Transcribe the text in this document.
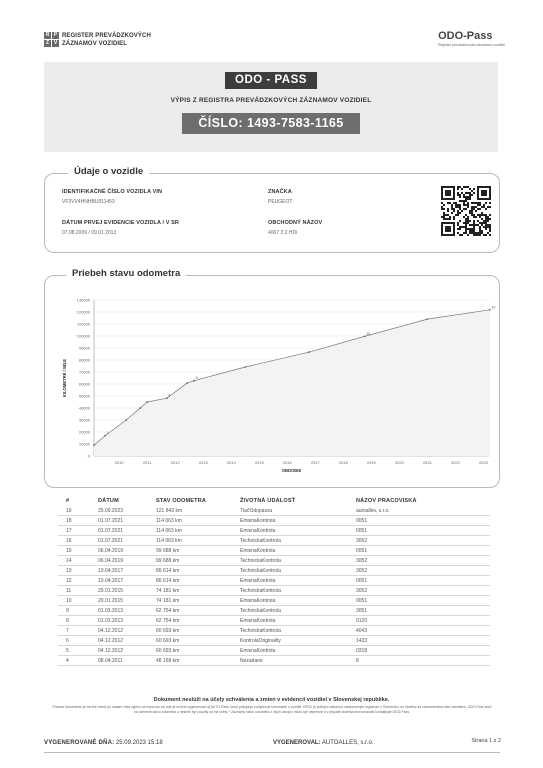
R P
Z V
REGISTER PREVÁDZKOVÝCH
ZÁZNAMOV VOZIDIEL
ODO-Pass
Register prevádzkových záznamov vozidiel
ODO - PASS
VÝPIS Z REGISTRA PREVÁDZKOVÝCH ZÁZNAMOV VOZIDIEL
ČÍSLO: 1493-7583-1165
Údaje o vozidle
IDENTIFIKAČNÉ ČÍSLO VOZIDLA VIN
VF3VV4HNHBU911453
ZNAČKA
PEUGEOT
DÁTUM PRVEJ EVIDENCIE VOZIDLA / V SR
07.08.2009 / 09.01.2013
OBCHODNÝ NÁZOV
4007 2.2 HDi
Priebeh stavu odometra
0
10000
20000
30000
40000
50000
60000
70000
80000
90000
100000
110000
120000
130000
2010	2011	2012	2013	2014	2015	2016	2017	2018	2019	2020	2021	2022	2023
OBDOBIE
KILOMETRE / MÍLE
1
4
9
14
19
#	DÁTUM	STAV ODOMETRA	ŽIVOTNÁ UDALOSŤ	NÁZOV PRACOVISKA
19	25.09.2023	121 843 km	TlačOdopassu	autoalles, s.r.o.
18	01.07.2021	114 063 km	EmisnaKontrola	0051
17	01.07.2021	114 063 km	EmisnaKontrola	0051
16	01.07.2021	114 063 km	TechnickaKontrola	3052
15	06.04.2019	99 688 km	EmisnaKontrola	0051
14	06.04.2019	99 688 km	TechnickaKontrola	3052
13	13.04.2017	86 614 km	TechnickaKontrola	3052
12	13.04.2017	86 614 km	EmisnaKontrola	0051
11	20.01.2015	74 181 km	TechnickaKontrola	3052
10	20.01.2015	74 181 km	EmisnaKontrola	0051
9	01.03.2013	62 754 km	TechnickaKontrola	3051
8	01.03.2013	62 754 km	EmisnaKontrola	0120
7	04.12.2012	60 693 km	TechnickaKontrola	4043
6	04.12.2012	60 693 km	KontrolaOriginality	1433
5	04.12.2012	60 693 km	EmisnaKontrola	0318
4	08.04.2011	48 168 km	Nezadane	8
Dokument neslúži na účely schválenia a zmien v evidencii vozidiel v Slovenskej republike.
Pravosť dokumentu je možné overiť po zadaní čísla výpisu na www.odo.sk, kde je možné vygenerovať aj AUTO-Pass, ktorý poskytuje komplexné informácie o vozidle. RPZV je jediným zákonom ustanoveným registrom v Slovensku, do ktorého sa zaznamenáva stav odometra. ODO-Pass slúži na overenie stavu odometra a nesmie byť použitý na iné účely. * Záznamy stavu odometra z iných zdrojov môžu byť nepresné a v prípade zistenia nezrovnalostí kontaktujte ODO-Pass.
Strana 1 z 2
VYGENEROVANÉ DŇA: 25.09.2023 15:18	VYGENEROVAL: AUTOALLES, s.r.o.
